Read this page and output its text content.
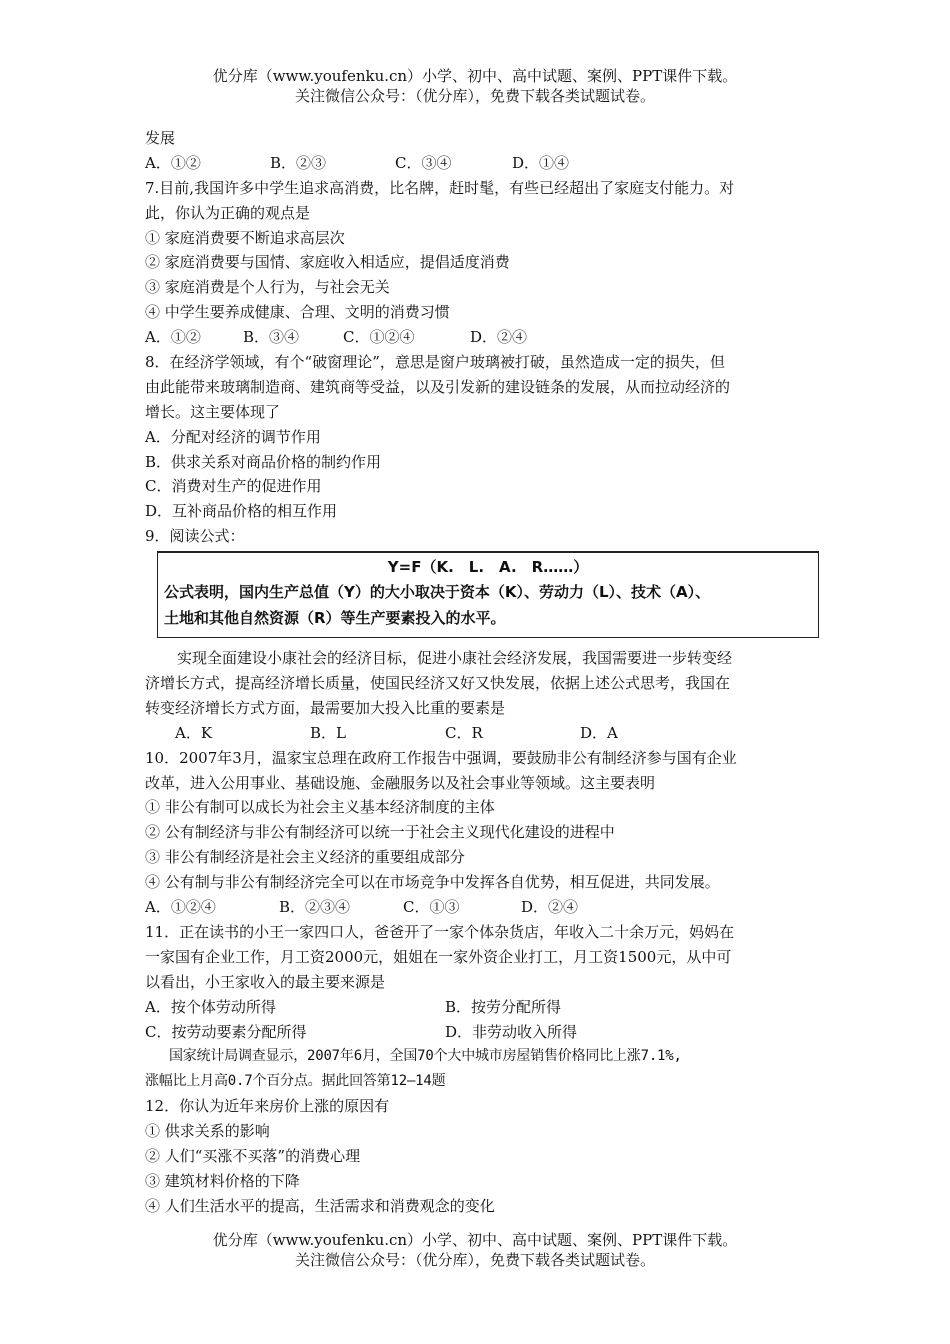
优分库（www.youfenku.cn）小学、初中、高中试题、案例、PPT课件下载。
关注微信公众号：（优分库），免费下载各类试题试卷。
发展
A．①②	B．②③	C．③④	D．①④
7.目前,我国许多中学生追求高消费，比名牌，赶时髦，有些已经超出了家庭支付能力。对
此，你认为正确的观点是
① 家庭消费要不断追求高层次
② 家庭消费要与国情、家庭收入相适应，提倡适度消费
③ 家庭消费是个人行为，与社会无关
④ 中学生要养成健康、合理、文明的消费习惯
A．①②	B．③④	C．①②④	D．②④
8．在经济学领域，有个“破窗理论”，意思是窗户玻璃被打破，虽然造成一定的损失，但
由此能带来玻璃制造商、建筑商等受益，以及引发新的建设链条的发展，从而拉动经济的
增长。这主要体现了
A．分配对经济的调节作用
B．供求关系对商品价格的制约作用
C．消费对生产的促进作用
D．互补商品价格的相互作用
9．阅读公式：
Y=F（K.　L.　A.　R……）
公式表明，国内生产总值（Y）的大小取决于资本（K）、劳动力（L）、技术（A）、
土地和其他自然资源（R）等生产要素投入的水平。
实现全面建设小康社会的经济目标，促进小康社会经济发展，我国需要进一步转变经
济增长方式，提高经济增长质量，使国民经济又好又快发展，依据上述公式思考，我国在
转变经济增长方式方面，最需要加大投入比重的要素是
A．K	B．L	C．R	D．A
10．2007年3月，温家宝总理在政府工作报告中强调，要鼓励非公有制经济参与国有企业
改革，进入公用事业、基础设施、金融服务以及社会事业等领域。这主要表明
① 非公有制可以成长为社会主义基本经济制度的主体
② 公有制经济与非公有制经济可以统一于社会主义现代化建设的进程中
③ 非公有制经济是社会主义经济的重要组成部分
④ 公有制与非公有制经济完全可以在市场竞争中发挥各自优势，相互促进，共同发展。
A．①②④	B．②③④	C．①③	D．②④
11．正在读书的小王一家四口人，爸爸开了一家个体杂货店，年收入二十余万元，妈妈在
一家国有企业工作，月工资2000元，姐姐在一家外资企业打工，月工资1500元，从中可
以看出，小王家收入的最主要来源是
A．按个体劳动所得	B．按劳分配所得
C．按劳动要素分配所得	D．非劳动收入所得
国家统计局调查显示，2007年6月，全国70个大中城市房屋销售价格同比上涨7.1%,
涨幅比上月高0.7个百分点。据此回答第12—14题
12．你认为近年来房价上涨的原因有
① 供求关系的影响
② 人们“买涨不买落”的消费心理
③ 建筑材料价格的下降
④ 人们生活水平的提高，生活需求和消费观念的变化
优分库（www.youfenku.cn）小学、初中、高中试题、案例、PPT课件下载。
关注微信公众号：（优分库），免费下载各类试题试卷。
